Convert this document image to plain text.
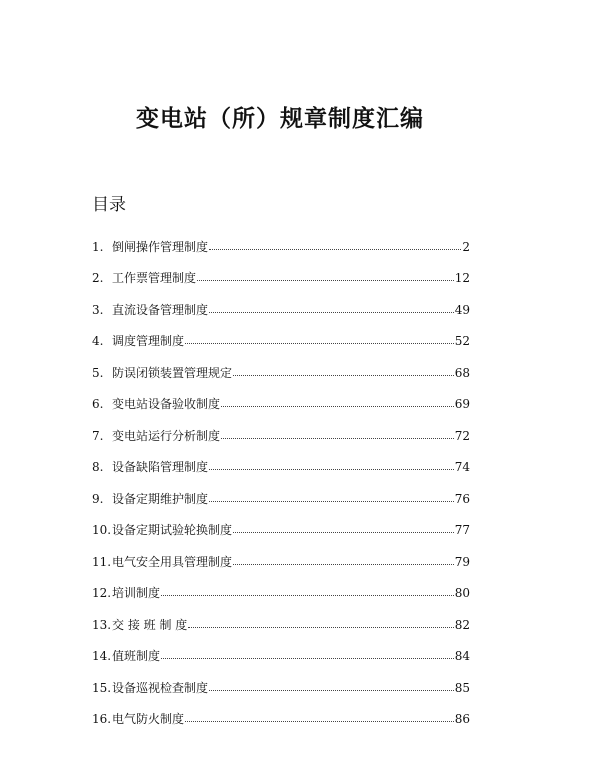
变电站（所）规章制度汇编
目录
1. 倒闸操作管理制度	2
2. 工作票管理制度	12
3. 直流设备管理制度	49
4. 调度管理制度	52
5. 防误闭锁装置管理规定	68
6. 变电站设备验收制度	69
7. 变电站运行分析制度	72
8. 设备缺陷管理制度	74
9. 设备定期维护制度	76
10. 设备定期试验轮换制度	77
11. 电气安全用具管理制度	79
12. 培训制度	80
13. 交 接 班 制 度	82
14. 值班制度	84
15. 设备巡视检查制度	85
16. 电气防火制度	86
